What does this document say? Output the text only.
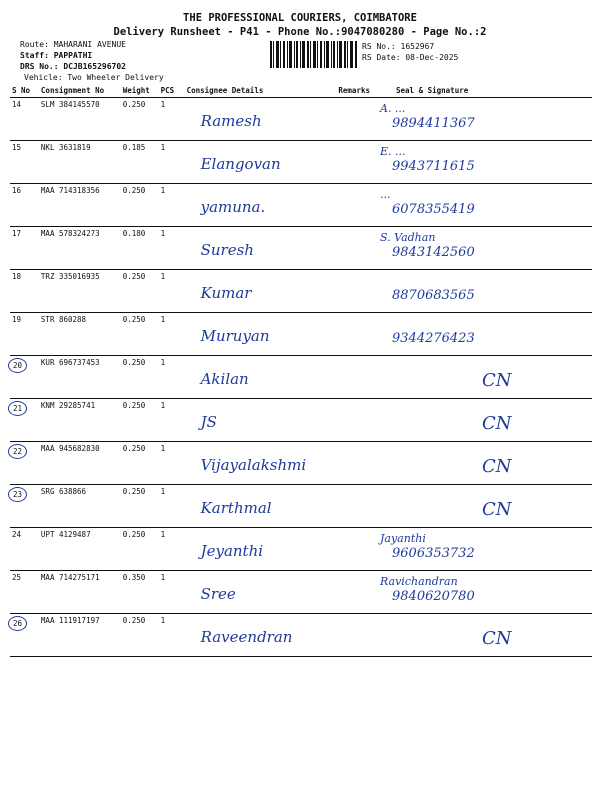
THE PROFESSIONAL COURIERS, COIMBATORE
Delivery Runsheet - P41 - Phone No.:9047080280 - Page No.:2
Route: MAHARANI AVENUE
Staff: PAPPATHI
DRS No.: DCJB165296702
Vehicle: Two Wheeler Delivery
RS No.: 1652967
RS Date: 08-Dec-2025
S No	Consignment No	Weight	PCS	Consignee Details	Remarks	Seal & Signature
14	SLM 384145570	0.250	1	Ramesh		A. ...
9894411367

15	NKL 3631819	0.185	1	Elangovan		E. ...
9943711615

16	MAA 714318356	0.250	1	yamuna.		...
6078355419

17	MAA 578324273	0.180	1	Suresh		S. Vadhan
9843142560

18	TRZ 335016935	0.250	1	Kumar		8870683565

19	STR 860288	0.250	1	Muruyan		9344276423

20	KUR 696737453	0.250	1	Akilan		CN

21	KNM 29285741	0.250	1	JS		CN

22	MAA 945682830	0.250	1	Vijayalakshmi		CN

23	SRG 638866	0.250	1	Karthmal		CN

24	UPT 4129487	0.250	1	Jeyanthi		Jayanthi
9606353732

25	MAA 714275171	0.350	1	Sree		Ravichandran
9840620780

26	MAA 111917197	0.250	1	Raveendran		CN
